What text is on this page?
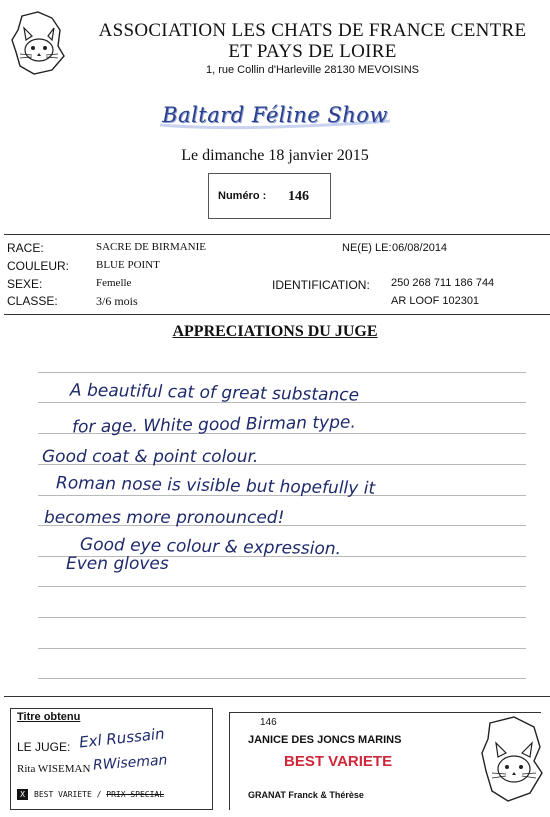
ASSOCIATION LES CHATS DE FRANCE CENTRE
ET PAYS DE LOIRE
1, rue Collin d'Harleville 28130 MEVOISINS
Baltard Féline Show
Le dimanche 18 janvier 2015
Numéro : 146
RACE:	SACRE DE BIRMANIE
COULEUR: BLUE POINT
SEXE:	Femelle
CLASSE:	3/6 mois
NE(E) LE: 06/08/2014
IDENTIFICATION: 250 268 711 186 744
AR LOOF 102301
APPRECIATIONS DU JUGE
A beautiful cat of great substance
for age. White good Birman type.
Good coat & point colour.
Roman nose is visible but hopefully it
becomes more pronounced!
Good eye colour & expression.
Even gloves
Titre obtenu
LE JUGE: Exl Russain
Rita WISEMAN RWiseman
X BEST VARIETE / PRIX SPECIAL
146
JANICE DES JONCS MARINS
BEST VARIETE
GRANAT Franck & Thérèse
